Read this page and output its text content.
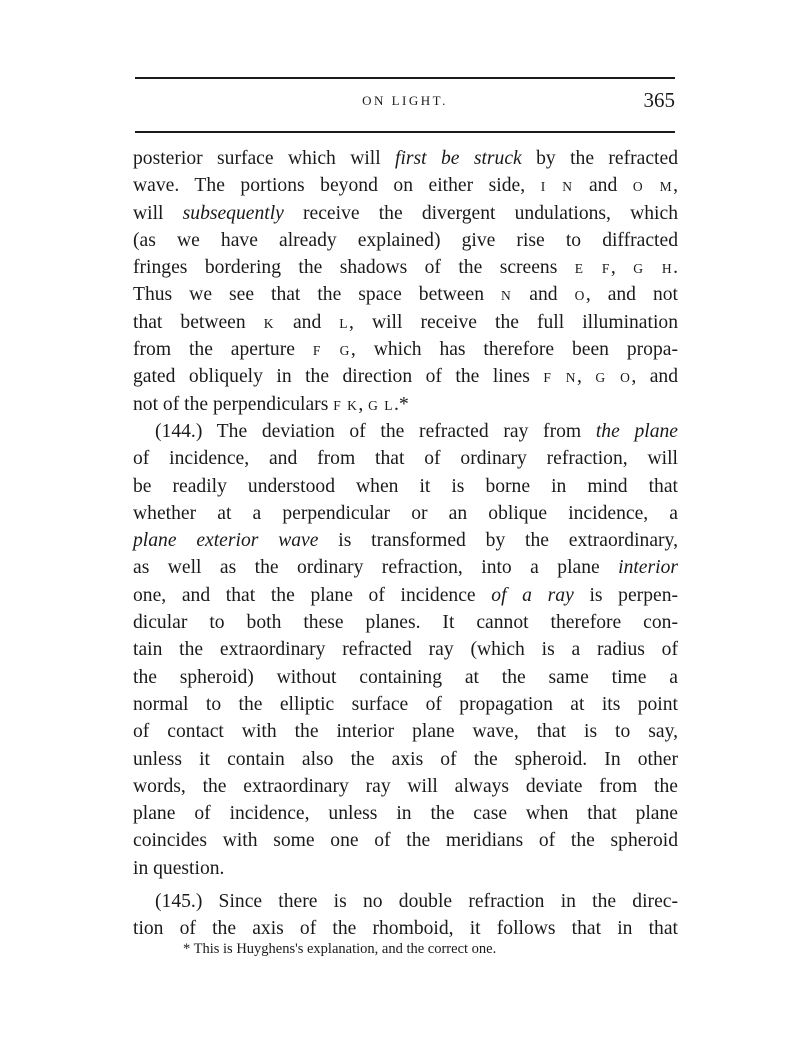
ON LIGHT.	365
posterior surface which will first be struck by the refracted
wave. The portions beyond on either side, I N and O M,
will subsequently receive the divergent undulations, which
(as we have already explained) give rise to diffracted
fringes bordering the shadows of the screens E F, G H.
Thus we see that the space between N and O, and not
that between K and L, will receive the full illumination
from the aperture F G, which has therefore been propa-
gated obliquely in the direction of the lines F N, G O, and
not of the perpendiculars F K, G L.*
(144.) The deviation of the refracted ray from the plane
of incidence, and from that of ordinary refraction, will
be readily understood when it is borne in mind that
whether at a perpendicular or an oblique incidence, a
plane exterior wave is transformed by the extraordinary,
as well as the ordinary refraction, into a plane interior
one, and that the plane of incidence of a ray is perpen-
dicular to both these planes. It cannot therefore con-
tain the extraordinary refracted ray (which is a radius of
the spheroid) without containing at the same time a
normal to the elliptic surface of propagation at its point
of contact with the interior plane wave, that is to say,
unless it contain also the axis of the spheroid. In other
words, the extraordinary ray will always deviate from the
plane of incidence, unless in the case when that plane
coincides with some one of the meridians of the spheroid
in question.
(145.) Since there is no double refraction in the direc-
tion of the axis of the rhomboid, it follows that in that
* This is Huyghens's explanation, and the correct one.
